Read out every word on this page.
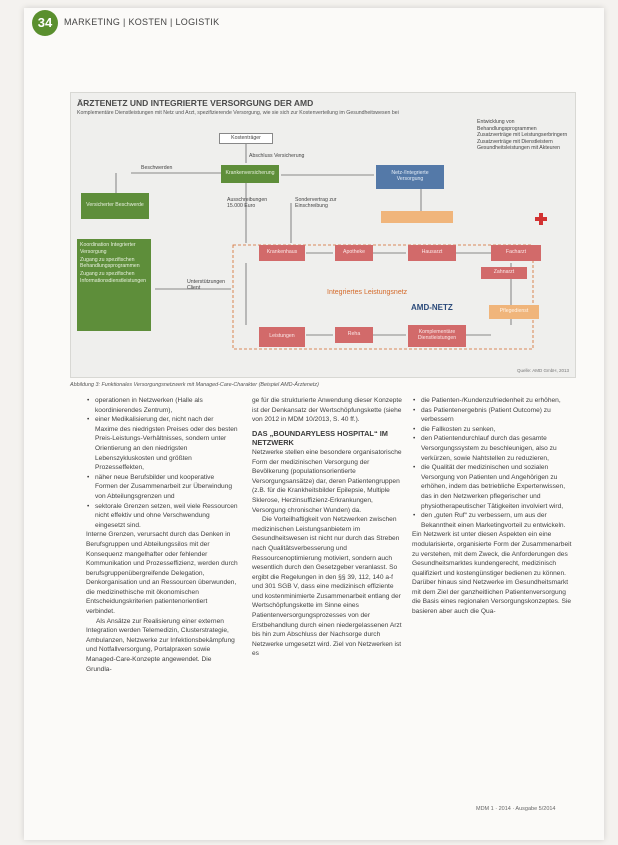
34	MARKETING | KOSTEN | LOGISTIK
ÄRZTENETZ UND INTEGRIERTE VERSORGUNG DER AMD
Komplementäre Dienstleistungen mit Netz und Arzt, spezifizierende Versorgung, wie sie sich zur Kostenverteilung im Gesundheitswesen bei
Kostenträger
Abschluss Versicherung
Beschwerden
Krankenversicherung	Netz-/Integrierte Versorgung
Versicherter Beschwerde
Ausschreibungen 15.000 Euro
Sondervertrag zur Einschreibung
Entwicklung von Behandlungsprogrammen
Zusatzverträge mit Leistungserbringern
Zusatzverträge mit Dienstleistern
Gesundheitsleistungen mit Akteuren
Koordination Integrierter Versorgung
Zugang zu spezifischen Behandlungsprogrammen
Zugang zu spezifischen Informationsdienstleistungen	Unterstützungen Client
Krankenhaus	Apotheke	Hausarzt	Facharzt
Zahnarzt
Integriertes Leistungsnetz
AMD-NETZ	Pflegedienst
Leistungen	Reha	Komplementäre Dienstleistungen
Quelle: AMD GmbH, 2013
Abbildung 3: Funktionales Versorgungsnetzwerk mit Managed-Care-Charakter (Beispiel AMD-Ärztenetz)
• operationen in Netzwerken (Halle als koordinierendes Zentrum),
• einer Medikalisierung der, nicht nach der Maxime des niedrigsten Preises oder des besten Preis-Leistungs-Verhältnisses, sondern unter Orientierung an den niedrigsten Lebenszykluskosten und größten Prozesseffekten,
• näher neue Berufsbilder und kooperative Formen der Zusammenarbeit zur Überwindung von Abteilungsgrenzen und
• sektorale Grenzen setzen, weil viele Ressourcen nicht effektiv und ohne Verschwendung eingesetzt sind.

Interne Grenzen, verursacht durch das Denken in Berufsgruppen und Abteilungssilos mit der Konsequenz mangelhafter oder fehlender Kommunikation und Prozesseffizienz, werden durch berufsgruppenübergreifende Delegation, Denkorganisation und an Ressourcen überwunden, die medizinethische mit ökonomischen Entscheidungskriterien patientenorientiert verbindet.

Als Ansätze zur Realisierung einer externen Integration werden Telemedizin, Clusterstrategie, Ambulanzen, Netzwerke zur Infektionsbekämpfung und Notfallversorgung, Portalpraxen sowie Managed-Care-Konzepte angewendet. Die Grundla-

ge für die strukturierte Anwendung dieser Konzepte ist der Denkansatz der Wertschöpfungskette (siehe von 2012 in MDM 10/2013, S. 40 ff.).

DAS „BOUNDARYLESS HOSPITAL“ IM NETZWERK

Netzwerke stellen eine besondere organisatorische Form der medizinischen Versorgung der Bevölkerung (populationsorientierte Versorgungsansätze) dar, deren Patientengruppen (z.B. für die Krankheitsbilder Epilepsie, Multiple Sklerose, Herzinsuffizienz-Erkrankungen, Versorgung chronischer Wunden) da.

Die Vorteilhaftigkeit von Netzwerken zwischen medizinischen Leistungsanbietern im Gesundheitswesen ist nicht nur durch das Streben nach Qualitätsverbesserung und Ressourcenoptimierung motiviert, sondern auch wesentlich durch den Gesetzgeber veranlasst. So ergibt die Regelungen in den §§ 39, 112, 140 a-f und 301 SGB V, dass eine medizinisch effiziente und kostenminimierte Zusammenarbeit entlang der Wertschöpfungskette im Sinne eines Patientenversorgungsprozesses von der Erstbehandlung durch einen niedergelassenen Arzt bis hin zum Abschluss der Nachsorge durch Netzwerke umgesetzt wird. Ziel von Netzwerken ist es

• die Patienten-/Kundenzufriedenheit zu erhöhen,
• das Patientenergebnis (Patient Outcome) zu verbessern
• die Fallkosten zu senken,
• den Patientendurchlauf durch das gesamte Versorgungssystem zu beschleunigen, also zu verkürzen, sowie Nahtstellen zu reduzieren,
• die Qualität der medizinischen und sozialen Versorgung von Patienten und Angehörigen zu erhöhen, indem das betriebliche Expertenwissen, das in den Netzwerken pflegerischer und physiotherapeutischer Tätigkeiten involviert wird,
• den „guten Ruf“ zu verbessern, um aus der Bekanntheit einen Marketingvorteil zu entwickeln.

Ein Netzwerk ist unter diesen Aspekten ein eine modularisierte, organisierte Form der Zusammenarbeit zu verstehen, mit dem Zweck, die Anforderungen des Gesundheitsmarktes kundengerecht, medizinisch qualifiziert und kostengünstiger bedienen zu können. Darüber hinaus sind Netzwerke im Gesundheitsmarkt mit dem Ziel der ganzheitlichen Patientenversorgung die Basis eines regionalen Versorgungskonzeptes. Sie basieren aber auch die Qua-

MDM 1 · 2014 · Ausgabe 5/2014
